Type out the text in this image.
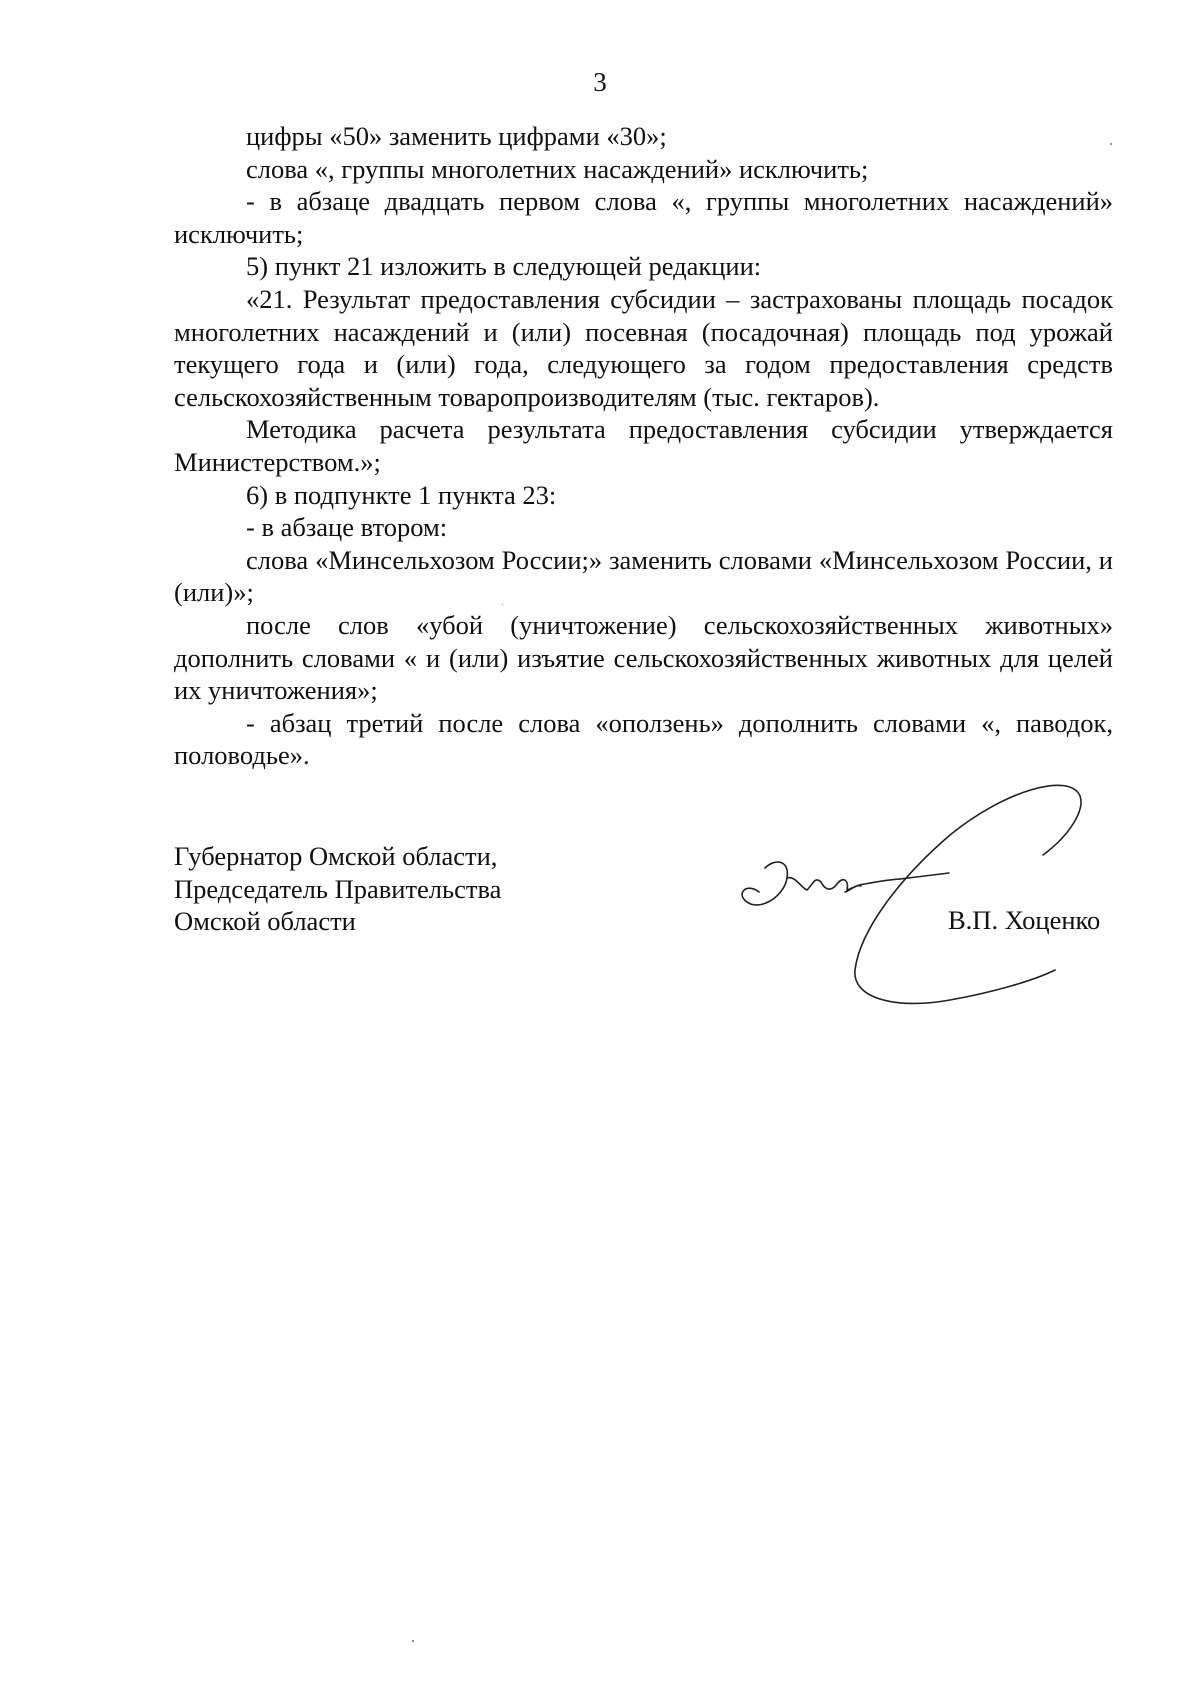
3

цифры «50» заменить цифрами «30»;

слова «, группы многолетних насаждений» исключить;

- в абзаце двадцать первом слова «, группы многолетних насаждений» исключить;

5) пункт 21 изложить в следующей редакции:

«21. Результат предоставления субсидии – застрахованы площадь посадок многолетних насаждений и (или) посевная (посадочная) площадь под урожай текущего года и (или) года, следующего за годом предоставления средств сельскохозяйственным товаропроизводителям (тыс. гектаров).

Методика расчета результата предоставления субсидии утверждается Министерством.»;

6) в подпункте 1 пункта 23:

- в абзаце втором:

слова «Минсельхозом России;» заменить словами «Минсельхозом России, и (или)»;

после слов «убой (уничтожение) сельскохозяйственных животных» дополнить словами « и (или) изъятие сельскохозяйственных животных для целей их уничтожения»;

- абзац третий после слова «оползень» дополнить словами «, паводок, половодье».

Губернатор Омской области,
Председатель Правительства
Омской области	В.П. Хоценко
